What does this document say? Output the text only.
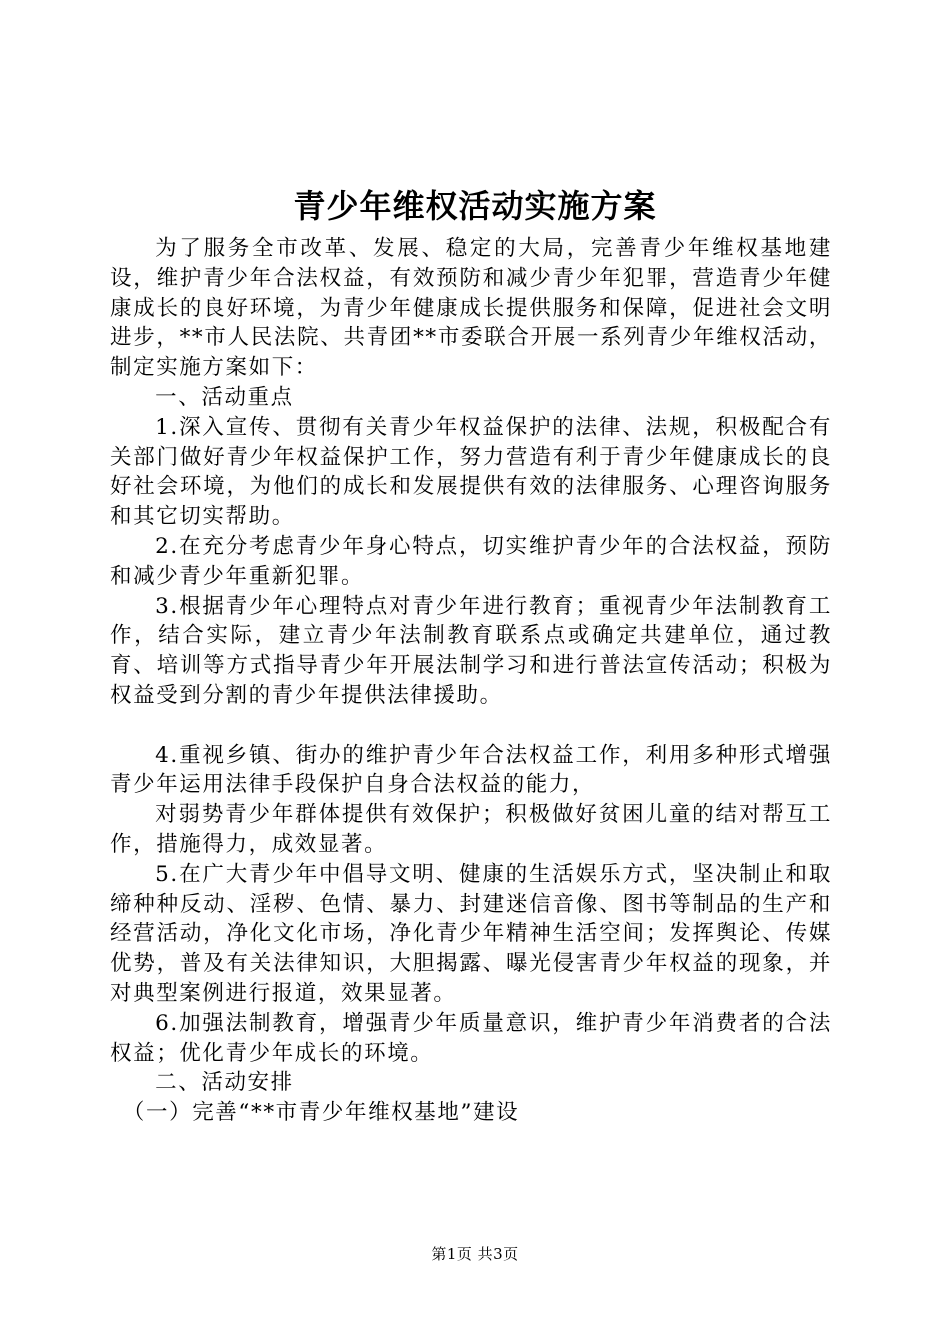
青少年维权活动实施方案

为了服务全市改革、发展、稳定的大局，完善青少年维权基地建设，维护青少年合法权益，有效预防和减少青少年犯罪，营造青少年健康成长的良好环境，为青少年健康成长提供服务和保障，促进社会文明进步，**市人民法院、共青团**市委联合开展一系列青少年维权活动，制定实施方案如下：

一、活动重点

1.深入宣传、贯彻有关青少年权益保护的法律、法规，积极配合有关部门做好青少年权益保护工作，努力营造有利于青少年健康成长的良好社会环境，为他们的成长和发展提供有效的法律服务、心理咨询服务和其它切实帮助。

2.在充分考虑青少年身心特点，切实维护青少年的合法权益，预防和减少青少年重新犯罪。

3.根据青少年心理特点对青少年进行教育；重视青少年法制教育工作，结合实际，建立青少年法制教育联系点或确定共建单位，通过教育、培训等方式指导青少年开展法制学习和进行普法宣传活动；积极为权益受到分割的青少年提供法律援助。

4.重视乡镇、街办的维护青少年合法权益工作，利用多种形式增强青少年运用法律手段保护自身合法权益的能力，

对弱势青少年群体提供有效保护；积极做好贫困儿童的结对帮互工作，措施得力，成效显著。

5.在广大青少年中倡导文明、健康的生活娱乐方式，坚决制止和取缔种种反动、淫秽、色情、暴力、封建迷信音像、图书等制品的生产和经营活动，净化文化市场，净化青少年精神生活空间；发挥舆论、传媒优势，普及有关法律知识，大胆揭露、曝光侵害青少年权益的现象，并对典型案例进行报道，效果显著。

6.加强法制教育，增强青少年质量意识，维护青少年消费者的合法权益；优化青少年成长的环境。

二、活动安排

（一）完善“**市青少年维权基地”建设

第1页 共3页
